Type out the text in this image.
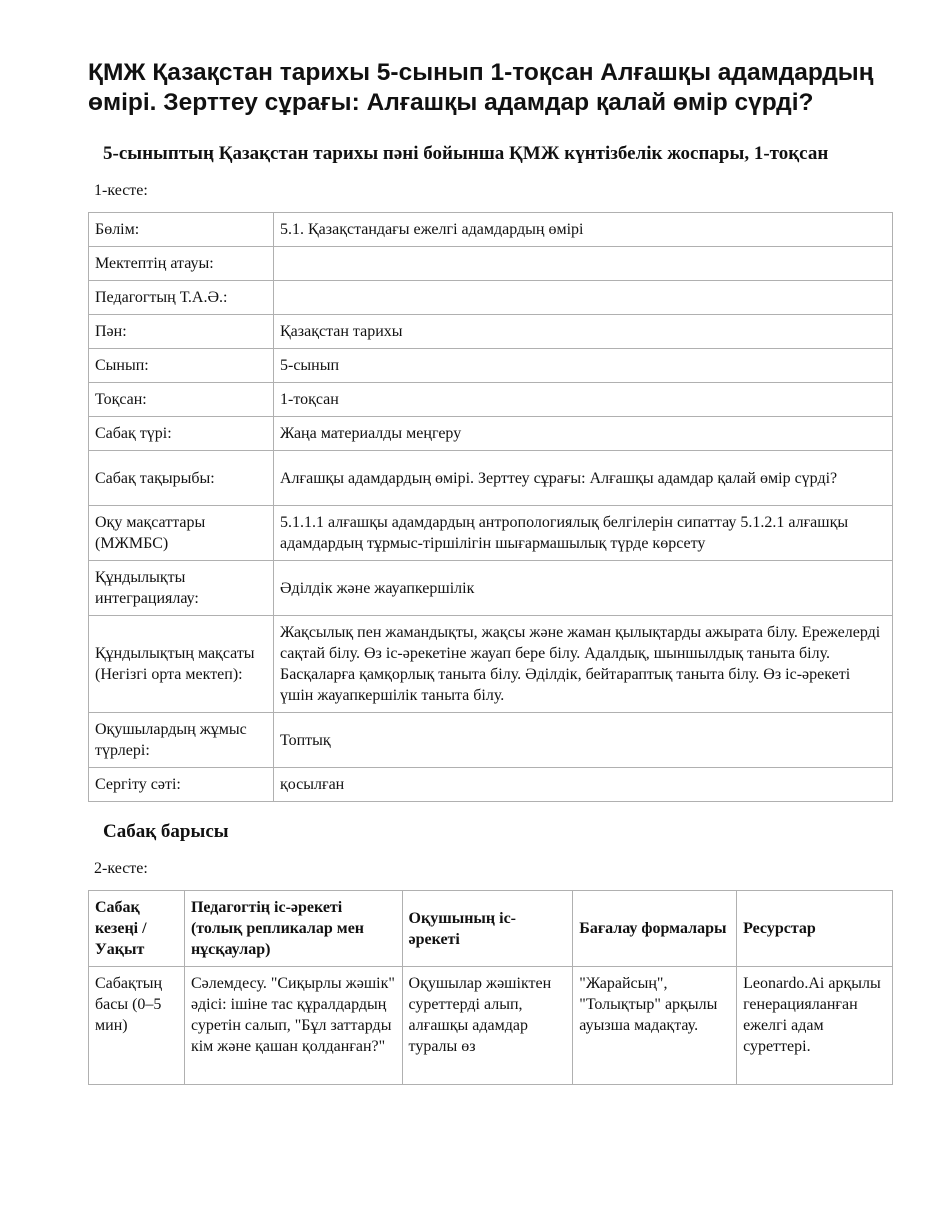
ҚМЖ Қазақстан тарихы 5-сынып 1-тоқсан Алғашқы адамдардың өмірі. Зерттеу сұрағы: Алғашқы адамдар қалай өмір сүрді?
5-сыныптың Қазақстан тарихы пәні бойынша ҚМЖ күнтізбелік жоспары, 1-тоқсан
1-кесте:
Бөлім:	5.1. Қазақстандағы ежелгі адамдардың өмірі
Мектептің атауы:	
Педагогтың Т.А.Ә.:	
Пән:	Қазақстан тарихы
Сынып:	5-сынып
Тоқсан:	1-тоқсан
Сабақ түрі:	Жаңа материалды меңгеру
Сабақ тақырыбы:	Алғашқы адамдардың өмірі. Зерттеу сұрағы: Алғашқы адамдар қалай өмір сүрді?
Оқу мақсаттары (МЖМБС)	5.1.1.1 алғашқы адамдардың антропологиялық белгілерін сипаттау 5.1.2.1 алғашқы адамдардың тұрмыс-тіршілігін шығармашылық түрде көрсету
Құндылықты интеграциялау:	Әділдік және жауапкершілік
Құндылықтың мақсаты (Негізгі орта мектеп):	Жақсылық пен жамандықты, жақсы және жаман қылықтарды ажырата білу. Ережелерді сақтай білу. Өз іс-әрекетіне жауап бере білу. Адалдық, шыншылдық таныта білу. Басқаларға қамқорлық таныта білу. Әділдік, бейтараптық таныта білу. Өз іс-әрекеті үшін жауапкершілік таныта білу.
Оқушылардың жұмыс түрлері:	Топтық
Сергіту сәті:	қосылған
Сабақ барысы
2-кесте:
Сабақ кезеңі / Уақыт	Педагогтің іс-әрекеті (толық репликалар мен нұсқаулар)	Оқушының іс-әрекеті	Бағалау формалары	Ресурстар
Сабақтың басы (0–5 мин)	Сәлемдесу. "Сиқырлы жәшік" әдісі: ішіне тас құралдардың суретін салып, "Бұл заттарды кім және қашан қолданған?"	Оқушылар жәшіктен суреттерді алып, алғашқы адамдар туралы өз	"Жарайсың", "Толықтыр" арқылы ауызша мадақтау.	Leonardo.Ai арқылы генерацияланған ежелгі адам суреттері.
